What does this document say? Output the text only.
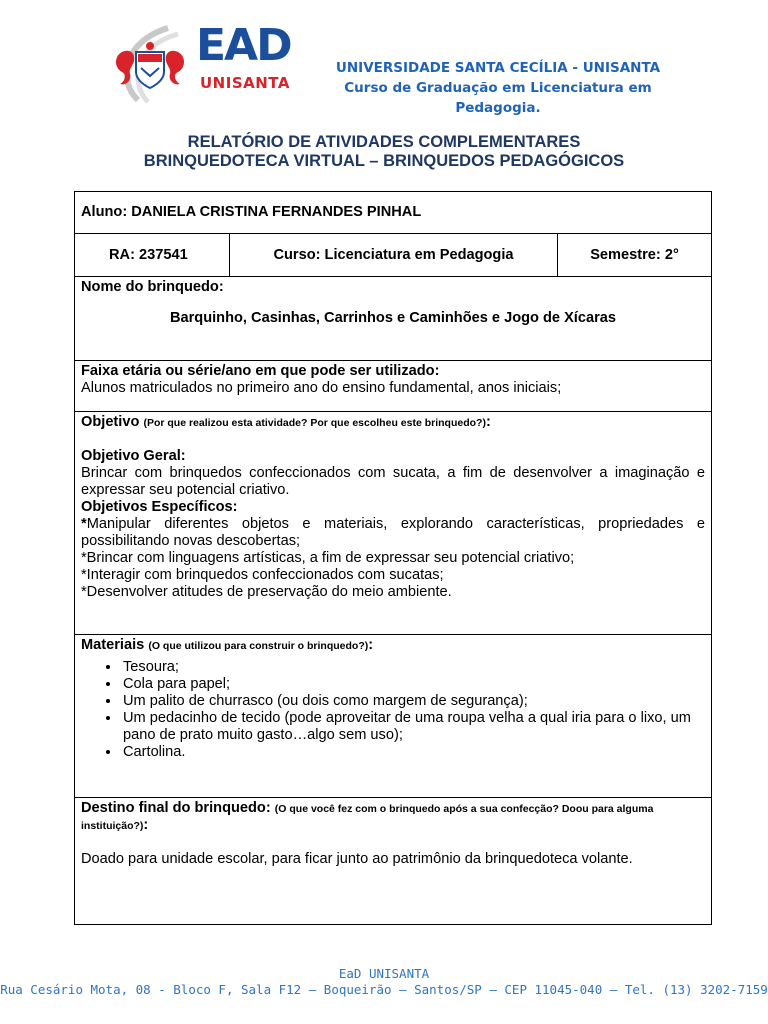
EAD
UNISANTA
UNIVERSIDADE SANTA CECÍLIA - UNISANTA
Curso de Graduação em Licenciatura em Pedagogia.
RELATÓRIO DE ATIVIDADES COMPLEMENTARES
BRINQUEDOTECA VIRTUAL – BRINQUEDOS PEDAGÓGICOS
Aluno: DANIELA CRISTINA FERNANDES PINHAL
RA: 237541	Curso: Licenciatura em Pedagogia	Semestre: 2°
Nome do brinquedo:
Barquinho, Casinhas, Carrinhos e Caminhões e Jogo de Xícaras
Faixa etária ou série/ano em que pode ser utilizado:
Alunos matriculados no primeiro ano do ensino fundamental, anos iniciais;
Objetivo (Por que realizou esta atividade? Por que escolheu este brinquedo?):
Objetivo Geral:
Brincar com brinquedos confeccionados com sucata, a fim de desenvolver a imaginação e expressar seu potencial criativo.
Objetivos Específicos:
*Manipular diferentes objetos e materiais, explorando características, propriedades e possibilitando novas descobertas;
*Brincar com linguagens artísticas, a fim de expressar seu potencial criativo;
*Interagir com brinquedos confeccionados com sucatas;
*Desenvolver atitudes de preservação do meio ambiente.
Materiais (O que utilizou para construir o brinquedo?):
• Tesoura;
• Cola para papel;
• Um palito de churrasco (ou dois como margem de segurança);
• Um pedacinho de tecido (pode aproveitar de uma roupa velha a qual iria para o lixo, um pano de prato muito gasto…algo sem uso);
• Cartolina.
Destino final do brinquedo: (O que você fez com o brinquedo após a sua confecção? Doou para alguma instituição?):
Doado para unidade escolar, para ficar junto ao patrimônio da brinquedoteca volante.
EaD UNISANTA
Rua Cesário Mota, 08 - Bloco F, Sala F12 – Boqueirão – Santos/SP – CEP 11045-040 – Tel. (13) 3202-7159
